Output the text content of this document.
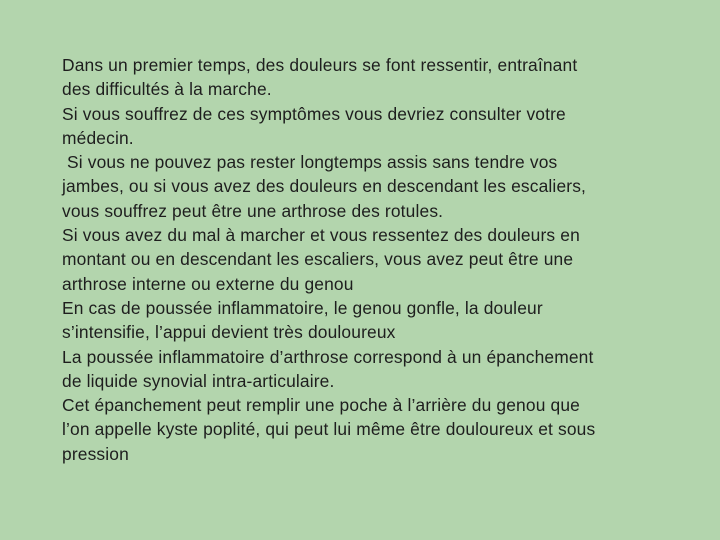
Dans un premier temps, des douleurs se font ressentir, entraînant
des difficultés à la marche.
Si vous souffrez de ces symptômes vous devriez consulter votre
médecin.
Si vous ne pouvez pas rester longtemps assis sans tendre vos
jambes, ou si vous avez des douleurs en descendant les escaliers,
vous souffrez peut être une arthrose des rotules.
Si vous avez du mal à marcher et vous ressentez des douleurs en
montant ou en descendant les escaliers, vous avez peut être une
arthrose interne ou externe du genou
En cas de poussée inflammatoire, le genou gonfle, la douleur
s’intensifie, l’appui devient très douloureux
La poussée inflammatoire d’arthrose correspond à un épanchement
de liquide synovial intra-articulaire.
Cet épanchement peut remplir une poche à l’arrière du genou que
l’on appelle kyste poplité, qui peut lui même être douloureux et sous
pression
